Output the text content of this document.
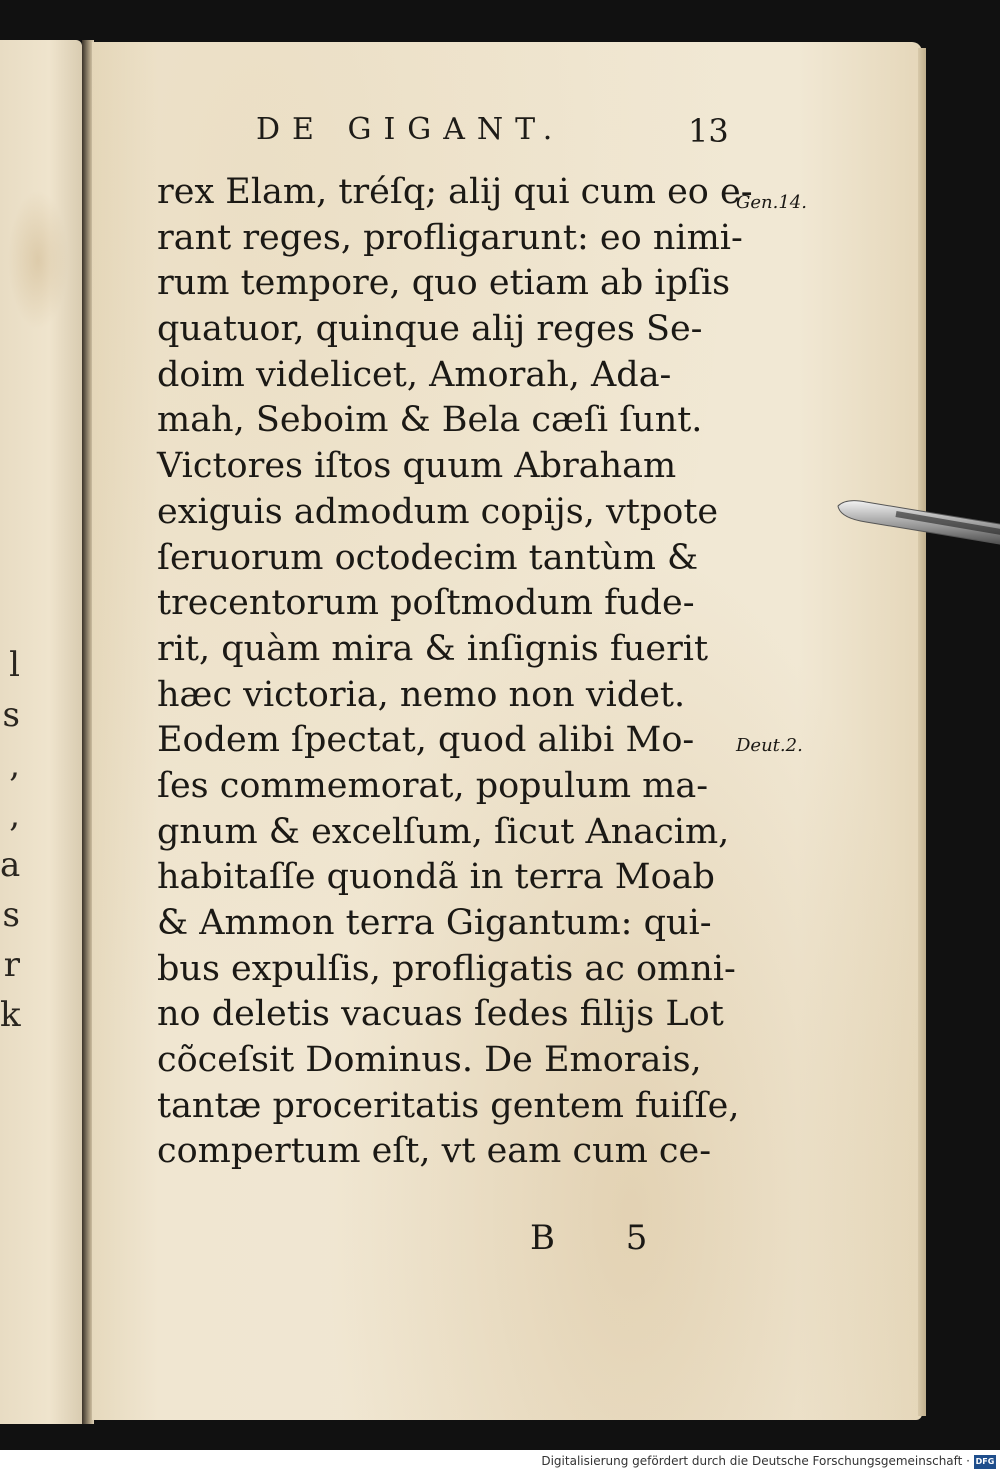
l
s
,
,
a
s
r
k
DE GIGANT.	13
rex Elam, tréſq; alij qui cum eo e-
rant reges, profligarunt: eo nimi-
rum tempore, quo etiam ab ipſis
quatuor, quinque alij reges Se-
doim videlicet, Amorah, Ada-
mah, Seboim & Bela cæſi ſunt.
Victores iſtos quum Abraham
exiguis admodum copijs, vtpote
ſeruorum octodecim tantùm &
trecentorum poſtmodum fude-
rit, quàm mira & inſignis fuerit
hæc victoria, nemo non videt.
Eodem ſpectat, quod alibi Mo-
ſes commemorat, populum ma-
gnum & excelſum, ſicut Anacim,
habitaſſe quondã in terra Moab
& Ammon terra Gigantum: qui-
bus expulſis, profligatis ac omni-
no deletis vacuas ſedes filijs Lot
cõceſsit Dominus. De Emorais,
tantæ proceritatis gentem fuiſſe,
compertum eſt, vt eam cum ce-
Gen.14.
Deut.2.
B 5
Digitalisierung gefördert durch die Deutsche Forschungsgemeinschaft · DFG
